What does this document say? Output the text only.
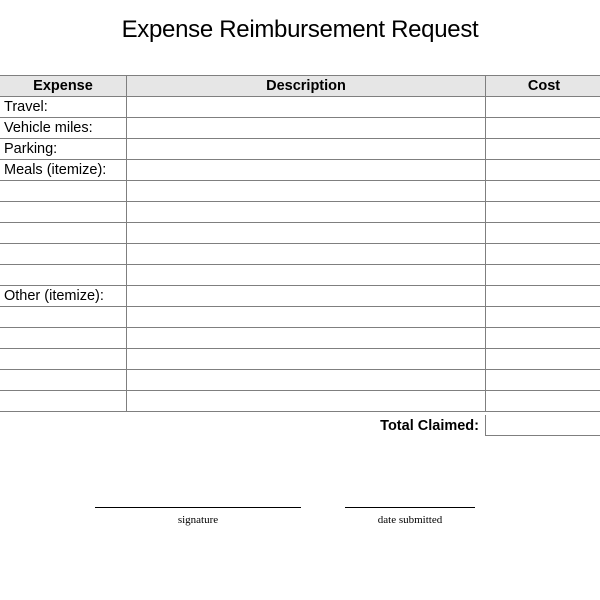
Expense Reimbursement Request
Expense	Description	Cost
Travel:		
Vehicle miles:		
Parking:		
Meals (itemize):		

Other (itemize):		

Total Claimed:
signature	date submitted
